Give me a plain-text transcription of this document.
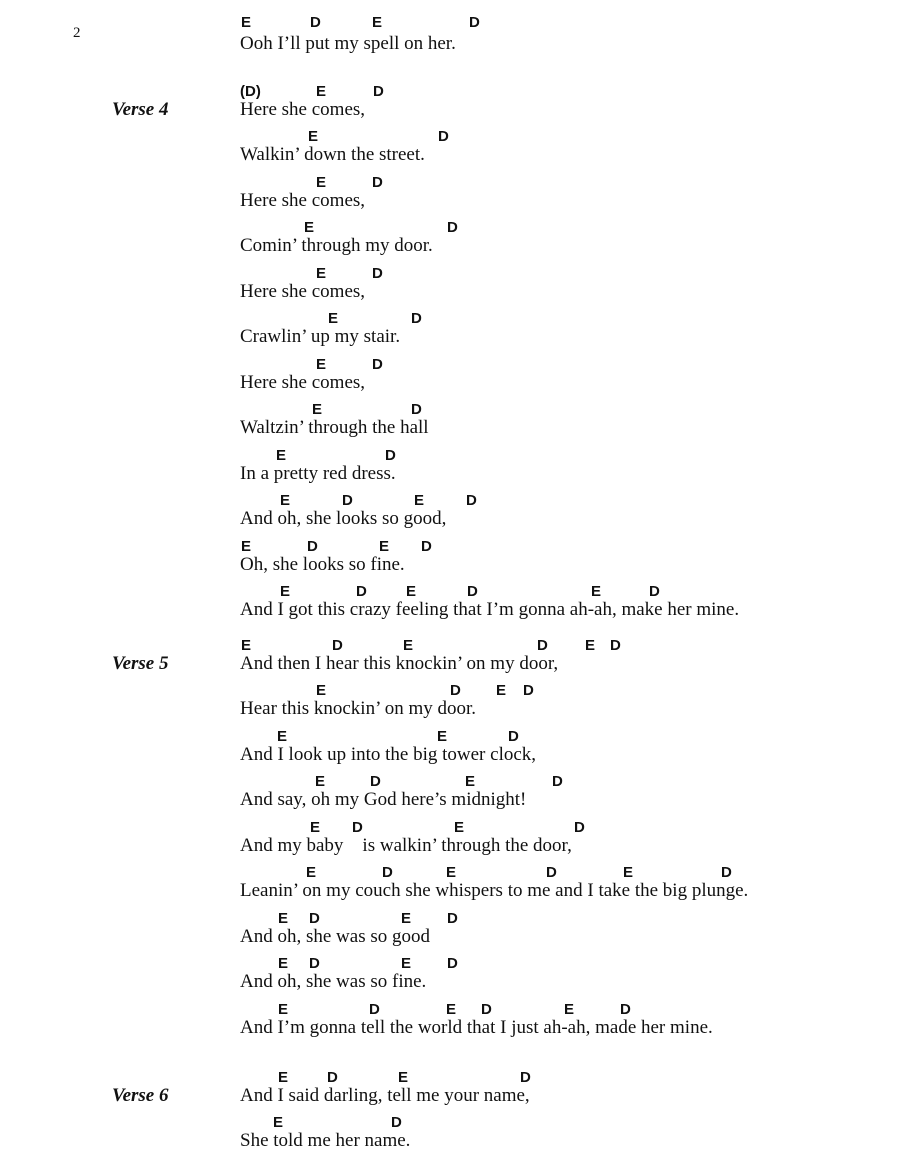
2
Verse 4
Verse 5
Verse 6
E	D	E	D
Ooh I’ll put my spell on her.
(D)	E	D
Here she comes,
E	D
Walkin’ down the street.
E	D
Here she comes,
E	D
Comin’ through my door.
E	D
Here she comes,
E	D
Crawlin’ up my stair.
E	D
Here she comes,
E	D
Waltzin’ through the hall
E	D
In a pretty red dress.
E	D	E	D
And oh, she looks so good,
E	D	E D
Oh, she looks so fine.
E	D	E	D	E	D
And I got this crazy feeling that I’m gonna ah-ah, make her mine.
E	D	E	D E D
And then I hear this knockin’ on my door,
E	D E D
Hear this knockin’ on my door.
E	E	D
And I look up into the big tower clock,
E	D	E	D
And say, oh my God here’s midnight!
E D	E	D
And my baby    is walkin’ through the door,
E	D	E	D	E	D
Leanin’ on my couch she whispers to me and I take the big plunge.
E D	E D
And oh, she was so good
E D	E D
And oh, she was so fine.
E	D	E D	E	D
And I’m gonna tell the world that I just ah-ah, made her mine.
E	D	E	D
And I said darling, tell me your name,
E	D
She told me her name.
